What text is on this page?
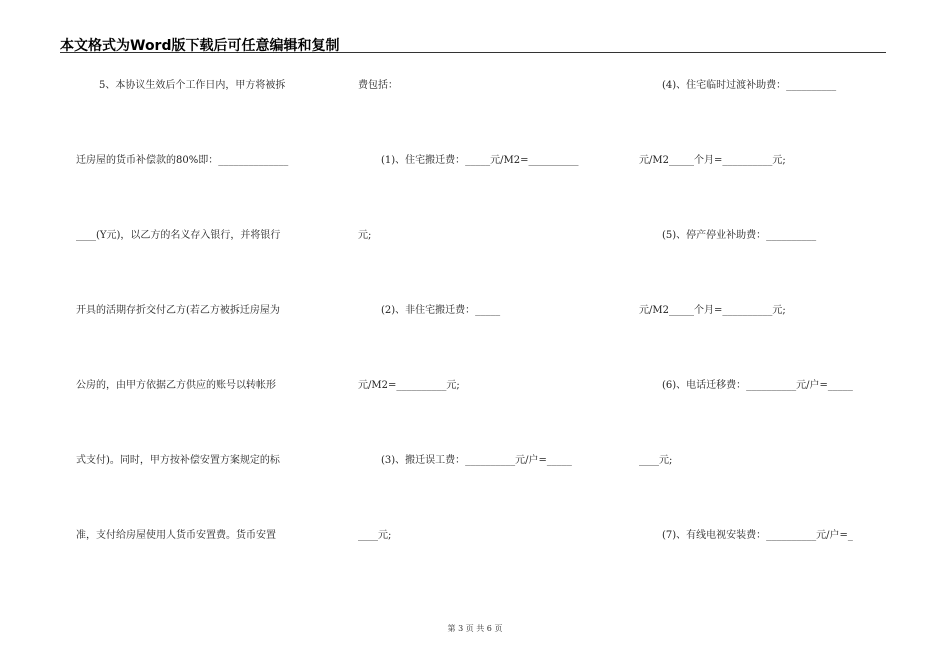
本文格式为Word版下载后可任意编辑和复制
5、本协议生效后个工作日内，甲方将被拆
迁房屋的货币补偿款的80%即：______________
____(Y元)，以乙方的名义存入银行，并将银行
开具的活期存折交付乙方(若乙方被拆迁房屋为
公房的，由甲方依据乙方供应的账号以转帐形
式支付)。同时，甲方按补偿安置方案规定的标
准，支付给房屋使用人货币安置费。货币安置
费包括：
(1)、住宅搬迁费：_____元/M2=__________
元;
(2)、非住宅搬迁费：_____
元/M2=__________元;
(3)、搬迁误工费：__________元/户=_____
____元;
(4)、住宅临时过渡补助费：__________
元/M2_____个月=__________元;
(5)、停产停业补助费：__________
元/M2_____个月=__________元;
(6)、电话迁移费：__________元/户=_____
____元;
(7)、有线电视安装费：__________元/户=_
第 3 页 共 6 页
